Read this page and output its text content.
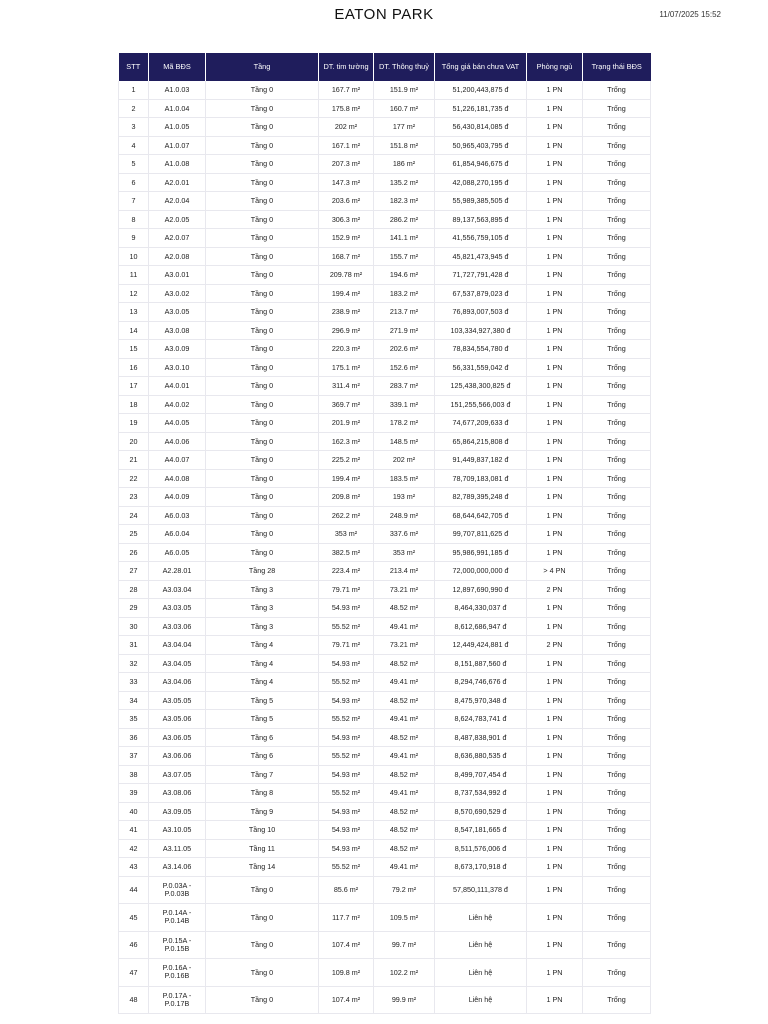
EATON PARK	11/07/2025 15:52
STT	Mã BĐS	Tầng	DT. tim tường	DT. Thông thuỷ	Tổng giá bán chưa VAT	Phòng ngủ	Trạng thái BĐS
1	A1.0.03	Tầng 0	167.7 m²	151.9 m²	51,200,443,875 đ	1 PN	Trống
2	A1.0.04	Tầng 0	175.8 m²	160.7 m²	51,226,181,735 đ	1 PN	Trống
3	A1.0.05	Tầng 0	202 m²	177 m²	56,430,814,085 đ	1 PN	Trống
4	A1.0.07	Tầng 0	167.1 m²	151.8 m²	50,965,403,795 đ	1 PN	Trống
5	A1.0.08	Tầng 0	207.3 m²	186 m²	61,854,946,675 đ	1 PN	Trống
6	A2.0.01	Tầng 0	147.3 m²	135.2 m²	42,088,270,195 đ	1 PN	Trống
7	A2.0.04	Tầng 0	203.6 m²	182.3 m²	55,989,385,505 đ	1 PN	Trống
8	A2.0.05	Tầng 0	306.3 m²	286.2 m²	89,137,563,895 đ	1 PN	Trống
9	A2.0.07	Tầng 0	152.9 m²	141.1 m²	41,556,759,105 đ	1 PN	Trống
10	A2.0.08	Tầng 0	168.7 m²	155.7 m²	45,821,473,945 đ	1 PN	Trống
11	A3.0.01	Tầng 0	209.78 m²	194.6 m²	71,727,791,428 đ	1 PN	Trống
12	A3.0.02	Tầng 0	199.4 m²	183.2 m²	67,537,879,023 đ	1 PN	Trống
13	A3.0.05	Tầng 0	238.9 m²	213.7 m²	76,893,007,503 đ	1 PN	Trống
14	A3.0.08	Tầng 0	296.9 m²	271.9 m²	103,334,927,380 đ	1 PN	Trống
15	A3.0.09	Tầng 0	220.3 m²	202.6 m²	78,834,554,780 đ	1 PN	Trống
16	A3.0.10	Tầng 0	175.1 m²	152.6 m²	56,331,559,042 đ	1 PN	Trống
17	A4.0.01	Tầng 0	311.4 m²	283.7 m²	125,438,300,825 đ	1 PN	Trống
18	A4.0.02	Tầng 0	369.7 m²	339.1 m²	151,255,566,003 đ	1 PN	Trống
19	A4.0.05	Tầng 0	201.9 m²	178.2 m²	74,677,209,633 đ	1 PN	Trống
20	A4.0.06	Tầng 0	162.3 m²	148.5 m²	65,864,215,808 đ	1 PN	Trống
21	A4.0.07	Tầng 0	225.2 m²	202 m²	91,449,837,182 đ	1 PN	Trống
22	A4.0.08	Tầng 0	199.4 m²	183.5 m²	78,709,183,081 đ	1 PN	Trống
23	A4.0.09	Tầng 0	209.8 m²	193 m²	82,789,395,248 đ	1 PN	Trống
24	A6.0.03	Tầng 0	262.2 m²	248.9 m²	68,644,642,705 đ	1 PN	Trống
25	A6.0.04	Tầng 0	353 m²	337.6 m²	99,707,811,625 đ	1 PN	Trống
26	A6.0.05	Tầng 0	382.5 m²	353 m²	95,986,991,185 đ	1 PN	Trống
27	A2.28.01	Tầng 28	223.4 m²	213.4 m²	72,000,000,000 đ	> 4 PN	Trống
28	A3.03.04	Tầng 3	79.71 m²	73.21 m²	12,897,690,990 đ	2 PN	Trống
29	A3.03.05	Tầng 3	54.93 m²	48.52 m²	8,464,330,037 đ	1 PN	Trống
30	A3.03.06	Tầng 3	55.52 m²	49.41 m²	8,612,686,947 đ	1 PN	Trống
31	A3.04.04	Tầng 4	79.71 m²	73.21 m²	12,449,424,881 đ	2 PN	Trống
32	A3.04.05	Tầng 4	54.93 m²	48.52 m²	8,151,887,560 đ	1 PN	Trống
33	A3.04.06	Tầng 4	55.52 m²	49.41 m²	8,294,746,676 đ	1 PN	Trống
34	A3.05.05	Tầng 5	54.93 m²	48.52 m²	8,475,970,348 đ	1 PN	Trống
35	A3.05.06	Tầng 5	55.52 m²	49.41 m²	8,624,783,741 đ	1 PN	Trống
36	A3.06.05	Tầng 6	54.93 m²	48.52 m²	8,487,838,901 đ	1 PN	Trống
37	A3.06.06	Tầng 6	55.52 m²	49.41 m²	8,636,880,535 đ	1 PN	Trống
38	A3.07.05	Tầng 7	54.93 m²	48.52 m²	8,499,707,454 đ	1 PN	Trống
39	A3.08.06	Tầng 8	55.52 m²	49.41 m²	8,737,534,992 đ	1 PN	Trống
40	A3.09.05	Tầng 9	54.93 m²	48.52 m²	8,570,690,529 đ	1 PN	Trống
41	A3.10.05	Tầng 10	54.93 m²	48.52 m²	8,547,181,665 đ	1 PN	Trống
42	A3.11.05	Tầng 11	54.93 m²	48.52 m²	8,511,576,006 đ	1 PN	Trống
43	A3.14.06	Tầng 14	55.52 m²	49.41 m²	8,673,170,918 đ	1 PN	Trống
44	P.0.03A - P.0.03B	Tầng 0	85.6 m²	79.2 m²	57,850,111,378 đ	1 PN	Trống
45	P.0.14A - P.0.14B	Tầng 0	117.7 m²	109.5 m²	Liên hệ	1 PN	Trống
46	P.0.15A - P.0.15B	Tầng 0	107.4 m²	99.7 m²	Liên hệ	1 PN	Trống
47	P.0.16A - P.0.16B	Tầng 0	109.8 m²	102.2 m²	Liên hệ	1 PN	Trống
48	P.0.17A - P.0.17B	Tầng 0	107.4 m²	99.9 m²	Liên hệ	1 PN	Trống
